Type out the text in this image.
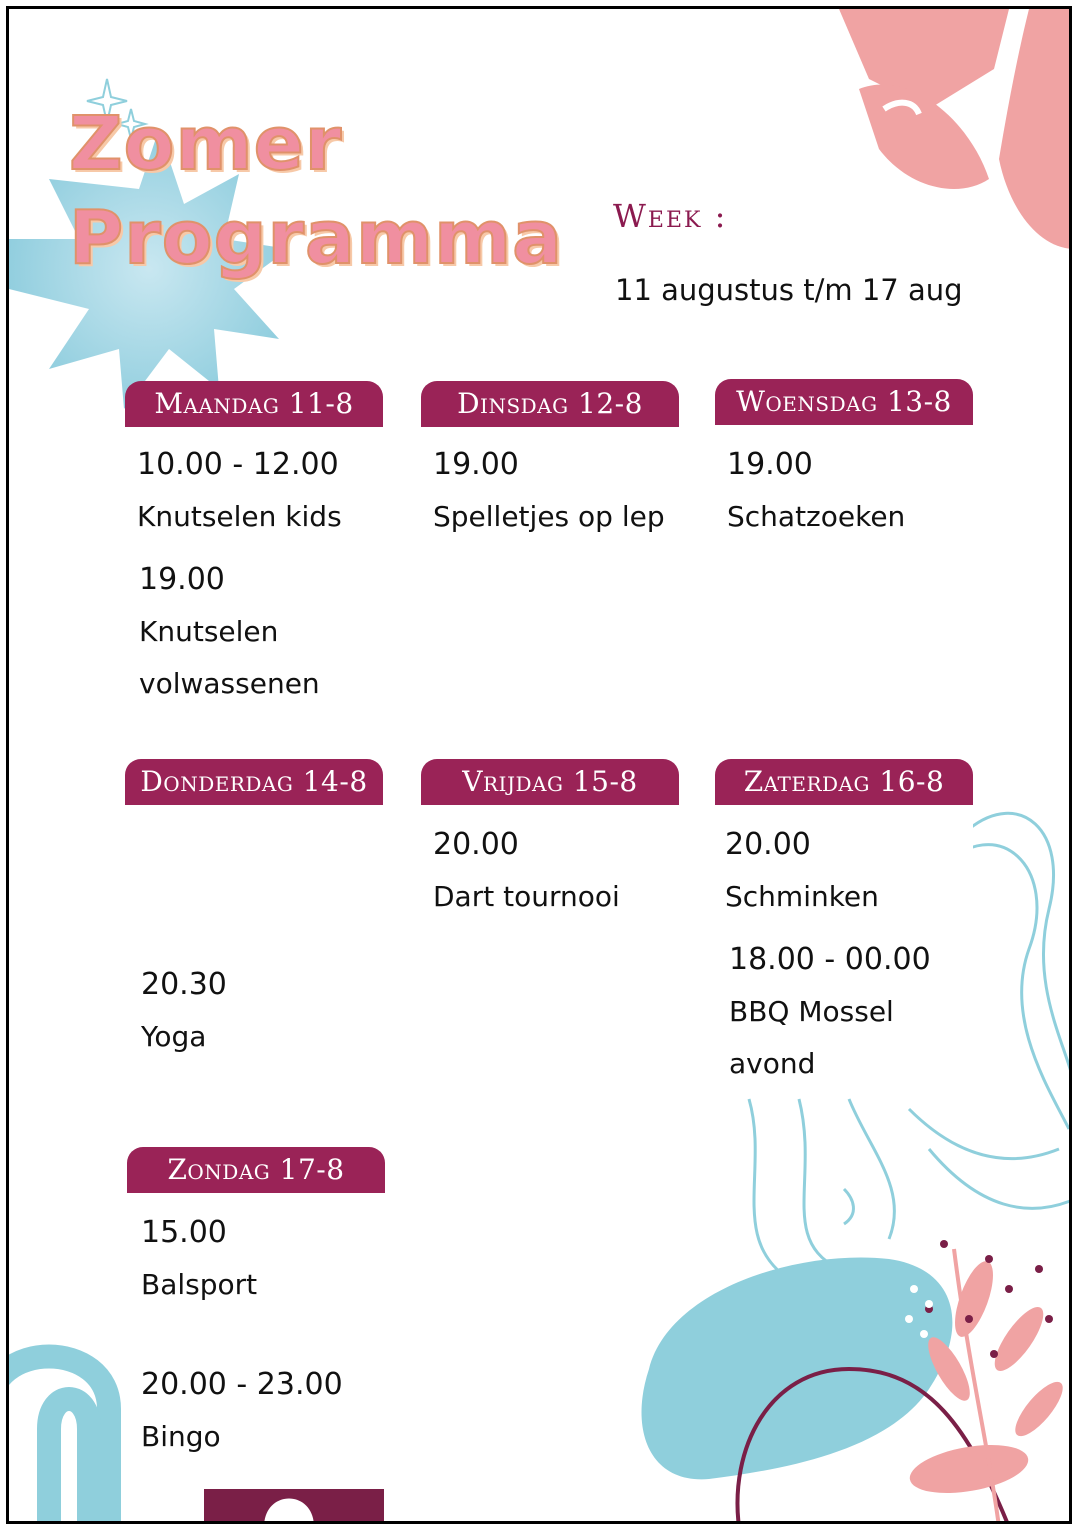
Zomer
Programma Week :
11 augustus t/m 17 aug
Maandag 11-8
10.00 - 12.00
Knutselen kids
19.00
Knutselen
volwassenen
Dinsdag 12-8
19.00
Spelletjes op lep
Woensdag 13-8
19.00
Schatzoeken
Donderdag 14-8
20.30
Yoga
Vrijdag 15-8
20.00
Dart tournooi
Zaterdag 16-8
20.00
Schminken
18.00 - 00.00
BBQ Mossel
avond
Zondag 17-8
15.00
Balsport
20.00 - 23.00
Bingo
